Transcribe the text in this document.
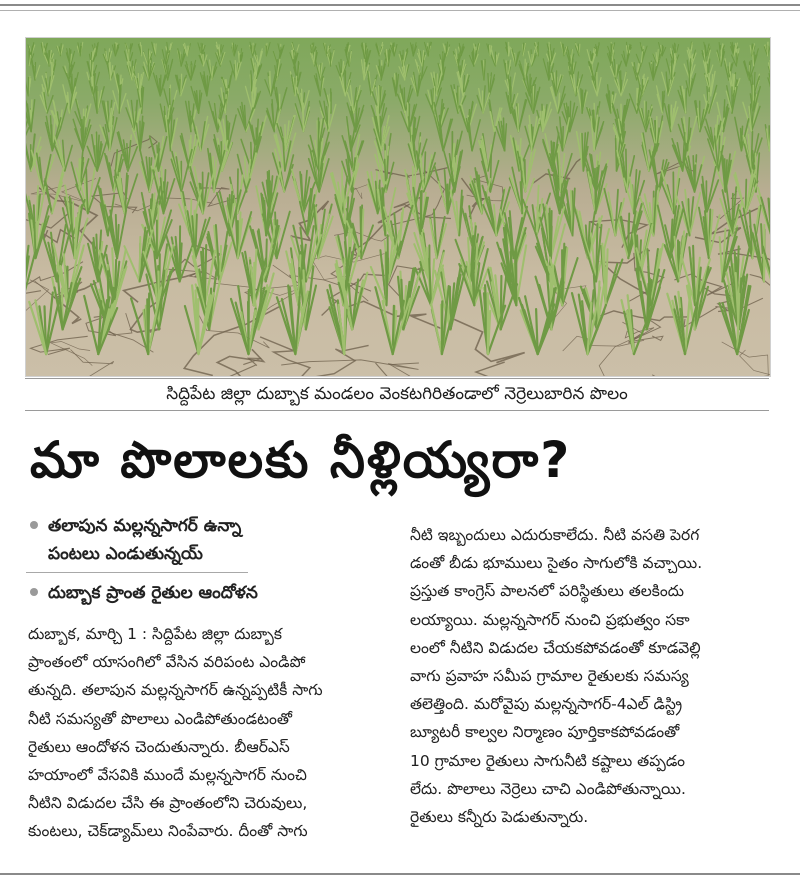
సిద్దిపేట జిల్లా దుబ్బాక మండలం వెంకటగిరితండాలో నెర్రెలుబారిన పొలం
మా పొలాలకు నీళ్లియ్యరా?
తలాపున మల్లన్నసాగర్‌ ఉన్నా
పంటలు ఎండుతున్నయ్‌
దుబ్బాక ప్రాంత రైతుల ఆందోళన
దుబ్బాక, మార్చి 1 : సిద్దిపేట జిల్లా దుబ్బాక
ప్రాంతంలో యాసంగిలో వేసిన వరిపంట ఎండిపో
తున్నది. తలాపున మల్లన్నసాగర్‌ ఉన్నప్పటికీ సాగు
నీటి సమస్యతో పొలాలు ఎండిపోతుండటంతో
రైతులు ఆందోళన చెందుతున్నారు. బీఆర్‌ఎస్‌
హయాంలో వేసవికి ముందే మల్లన్నసాగర్‌ నుంచి
నీటిని విడుదల చేసి ఈ ప్రాంతంలోని చెరువులు,
కుంటలు, చెక్‌డ్యామ్‌లు నింపేవారు. దీంతో సాగు
నీటి ఇబ్బందులు ఎదురుకాలేదు. నీటి వసతి పెరగ
డంతో బీడు భూములు సైతం సాగులోకి వచ్చాయి.
ప్రస్తుత కాంగ్రెస్‌ పాలనలో పరిస్థితులు తలకిందు
లయ్యాయి. మల్లన్నసాగర్‌ నుంచి ప్రభుత్వం సకా
లంలో నీటిని విడుదల చేయకపోవడంతో కూడవెల్లి
వాగు ప్రవాహ సమీప గ్రామాల రైతులకు సమస్య
తలెత్తింది. మరోవైపు మల్లన్నసాగర్‌-4ఎల్‌ డిస్ట్రి
బ్యూటరీ కాల్వల నిర్మాణం పూర్తికాకపోవడంతో
10 గ్రామాల రైతులు సాగునీటి కష్టాలు తప్పడం
లేదు. పొలాలు నెర్రెలు చాచి ఎండిపోతున్నాయి.
రైతులు కన్నీరు పెడుతున్నారు.
